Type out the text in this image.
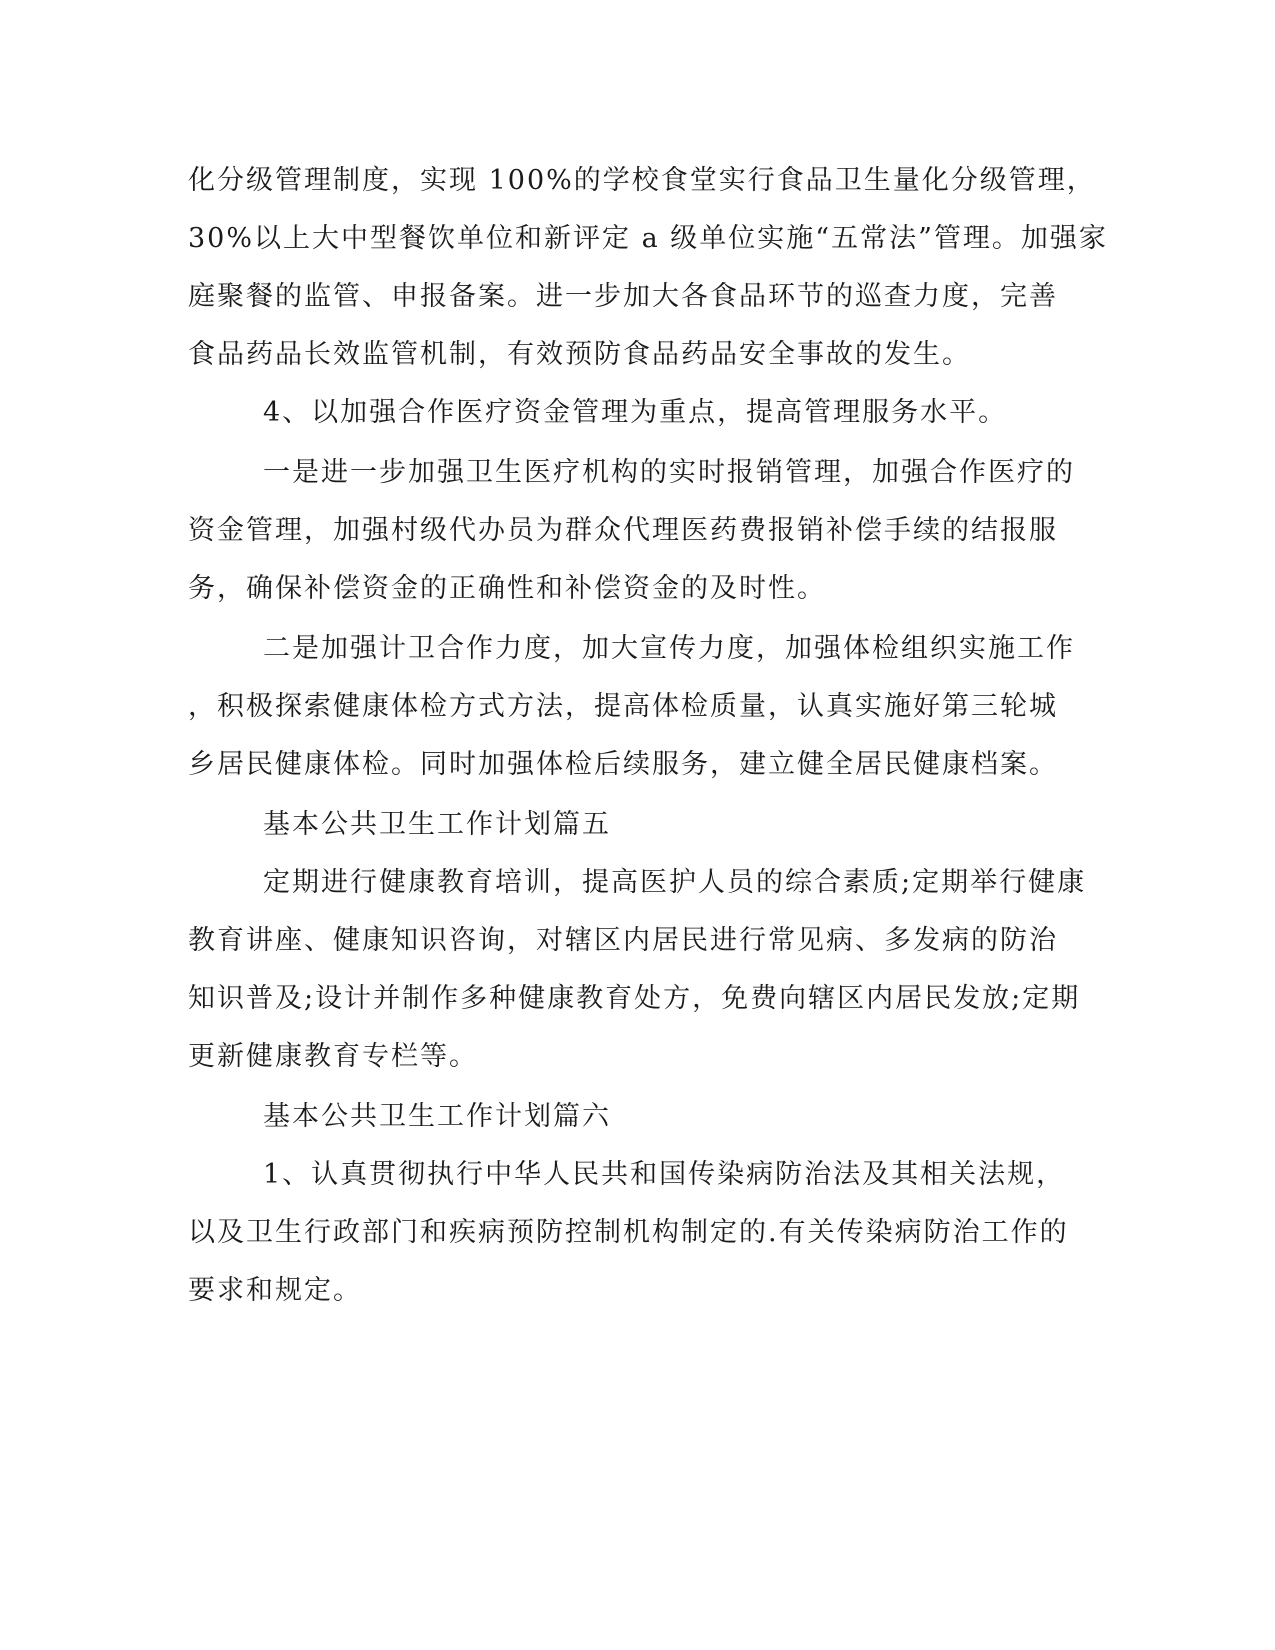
化分级管理制度，实现 100%的学校食堂实行食品卫生量化分级管理，
30%以上大中型餐饮单位和新评定 a 级单位实施“五常法”管理。加强家
庭聚餐的监管、申报备案。进一步加大各食品环节的巡查力度，完善
食品药品长效监管机制，有效预防食品药品安全事故的发生。
4、以加强合作医疗资金管理为重点，提高管理服务水平。
一是进一步加强卫生医疗机构的实时报销管理，加强合作医疗的
资金管理，加强村级代办员为群众代理医药费报销补偿手续的结报服
务，确保补偿资金的正确性和补偿资金的及时性。
二是加强计卫合作力度，加大宣传力度，加强体检组织实施工作
，积极探索健康体检方式方法，提高体检质量，认真实施好第三轮城
乡居民健康体检。同时加强体检后续服务，建立健全居民健康档案。
基本公共卫生工作计划篇五
定期进行健康教育培训，提高医护人员的综合素质;定期举行健康
教育讲座、健康知识咨询，对辖区内居民进行常见病、多发病的防治
知识普及;设计并制作多种健康教育处方，免费向辖区内居民发放;定期
更新健康教育专栏等。
基本公共卫生工作计划篇六
1、认真贯彻执行中华人民共和国传染病防治法及其相关法规，
以及卫生行政部门和疾病预防控制机构制定的.有关传染病防治工作的
要求和规定。
